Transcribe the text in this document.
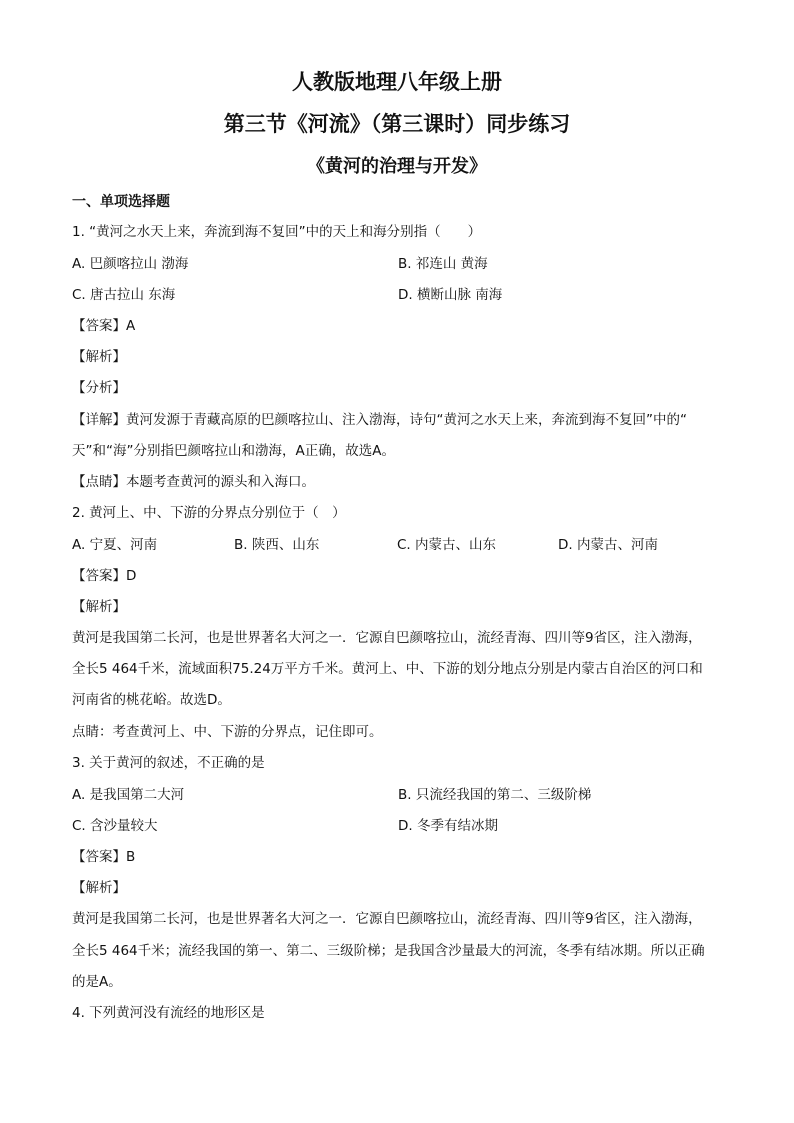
人教版地理八年级上册
第三节《河流》（第三课时）同步练习
《黄河的治理与开发》
一、单项选择题
1. “黄河之水天上来，奔流到海不复回”中的天上和海分别指（　　）
A. 巴颜喀拉山 渤海	B. 祁连山 黄海
C. 唐古拉山 东海	D. 横断山脉 南海
【答案】A
【解析】
【分析】
【详解】黄河发源于青藏高原的巴颜喀拉山、注入渤海，诗句“黄河之水天上来，奔流到海不复回”中的“
天”和“海”分别指巴颜喀拉山和渤海，A正确，故选A。
【点睛】本题考查黄河的源头和入海口。
2. 黄河上、中、下游的分界点分别位于（　）
A. 宁夏、河南	B. 陕西、山东	C. 内蒙古、山东	D. 内蒙古、河南
【答案】D
【解析】
黄河是我国第二长河，也是世界著名大河之一．它源自巴颜喀拉山，流经青海、四川等9省区，注入渤海，
全长5 464千米，流域面积75.24万平方千米。黄河上、中、下游的划分地点分别是内蒙古自治区的河口和
河南省的桃花峪。故选D。
点睛：考查黄河上、中、下游的分界点，记住即可。
3. 关于黄河的叙述，不正确的是
A. 是我国第二大河	B. 只流经我国的第二、三级阶梯
C. 含沙量较大	D. 冬季有结冰期
【答案】B
【解析】
黄河是我国第二长河，也是世界著名大河之一．它源自巴颜喀拉山，流经青海、四川等9省区，注入渤海，
全长5 464千米；流经我国的第一、第二、三级阶梯；是我国含沙量最大的河流，冬季有结冰期。所以正确
的是A。
4. 下列黄河没有流经的地形区是
